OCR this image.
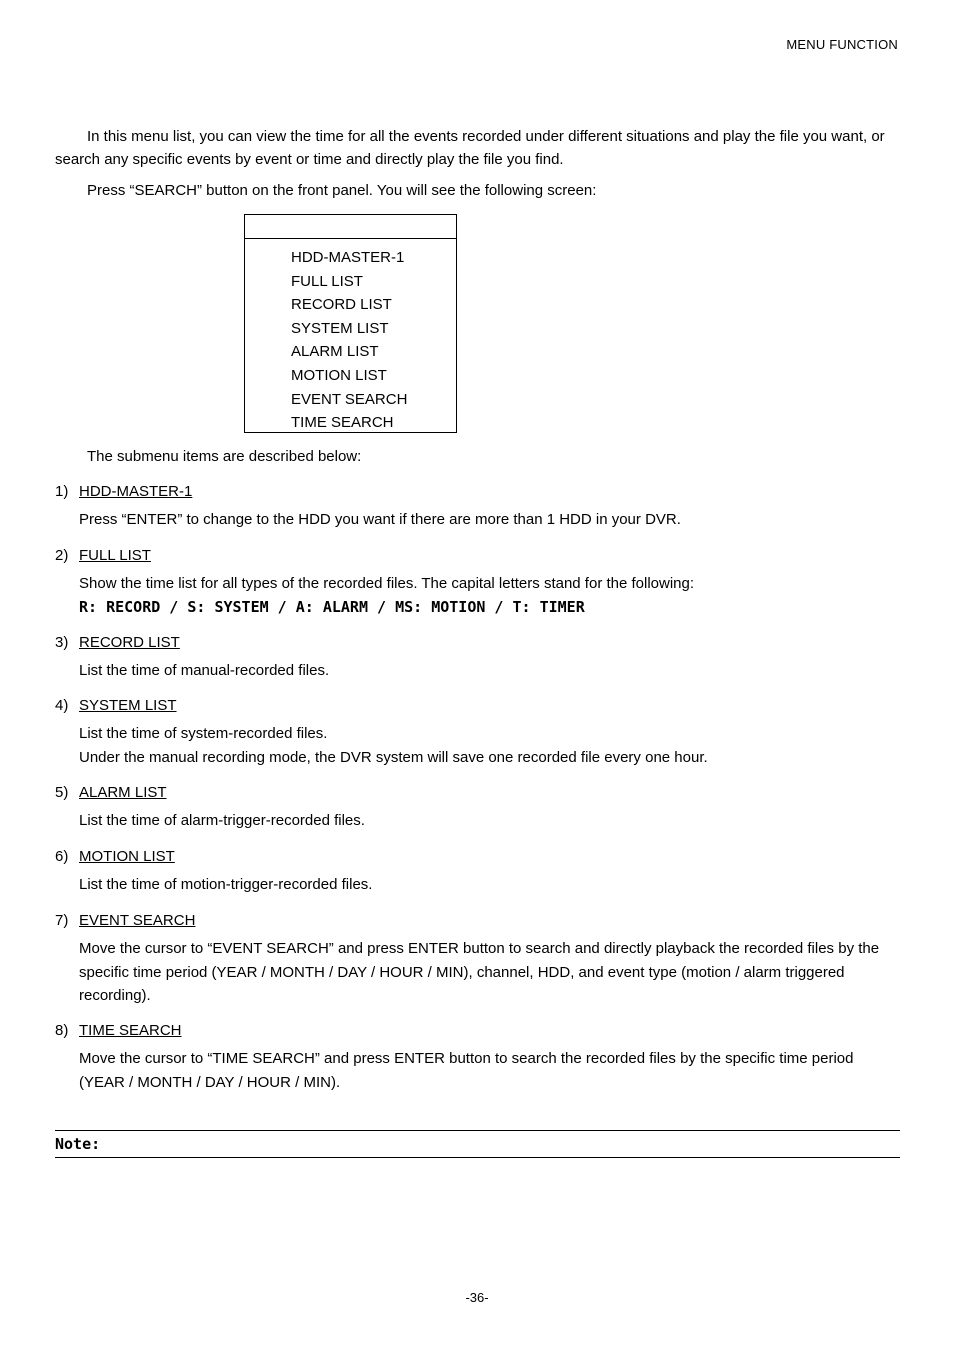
MENU FUNCTION
In this menu list, you can view the time for all the events recorded under different situations and play the file you want, or search any specific events by event or time and directly play the file you find.
Press “SEARCH” button on the front panel. You will see the following screen:
HDD-MASTER-1
FULL LIST
RECORD LIST
SYSTEM LIST
ALARM LIST
MOTION LIST
EVENT SEARCH
TIME SEARCH
The submenu items are described below:
1) HDD-MASTER-1
Press “ENTER” to change to the HDD you want if there are more than 1 HDD in your DVR.
2) FULL LIST
Show the time list for all types of the recorded files. The capital letters stand for the following:
R: RECORD / S: SYSTEM / A: ALARM / MS: MOTION / T: TIMER
3) RECORD LIST
List the time of manual-recorded files.
4) SYSTEM LIST
List the time of system-recorded files.
Under the manual recording mode, the DVR system will save one recorded file every one hour.
5) ALARM LIST
List the time of alarm-trigger-recorded files.
6) MOTION LIST
List the time of motion-trigger-recorded files.
7) EVENT SEARCH
Move the cursor to “EVENT SEARCH” and press ENTER button to search and directly playback the recorded files by the specific time period (YEAR / MONTH / DAY / HOUR / MIN), channel, HDD, and event type (motion / alarm triggered recording).
8) TIME SEARCH
Move the cursor to “TIME SEARCH” and press ENTER button to search the recorded files by the specific time period (YEAR / MONTH / DAY / HOUR / MIN).
Note:
-36-
